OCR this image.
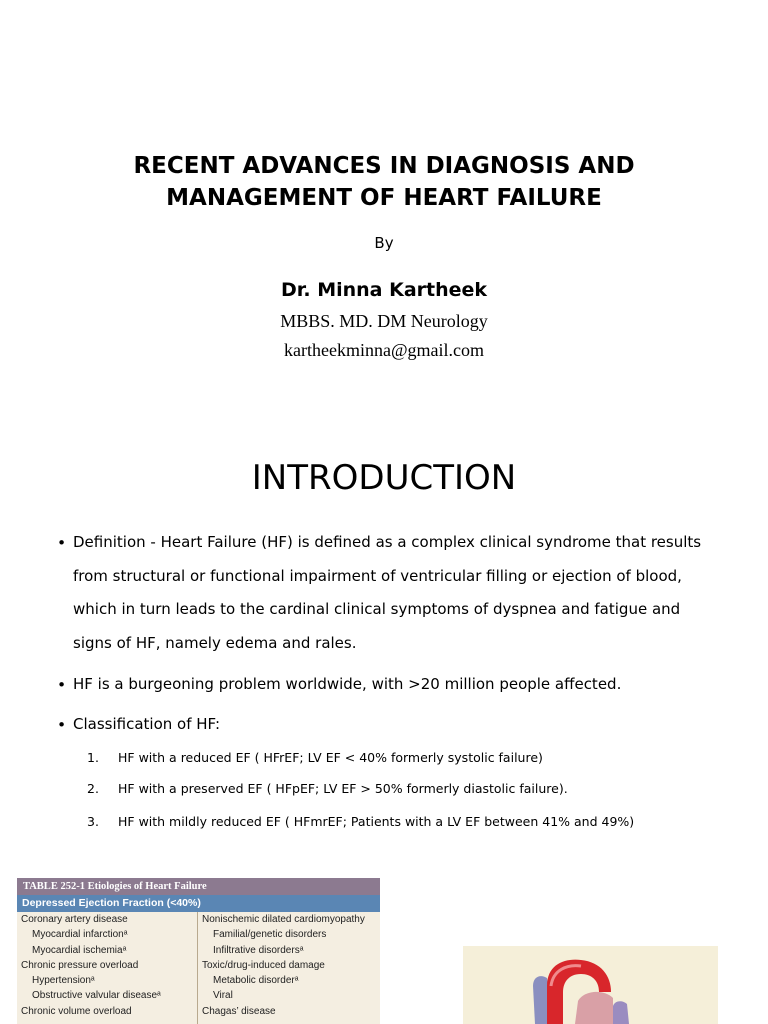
RECENT ADVANCES IN DIAGNOSIS AND
MANAGEMENT OF HEART FAILURE
By
Dr. Minna Kartheek
MBBS. MD. DM Neurology
kartheekminna@gmail.com
INTRODUCTION
• Definition - Heart Failure (HF) is defined as a complex clinical syndrome that results from structural or functional impairment of ventricular filling or ejection of blood, which in turn leads to the cardinal clinical symptoms of dyspnea and fatigue and signs of HF, namely edema and rales.
• HF is a burgeoning problem worldwide, with >20 million people affected.
• Classification of HF:
1. HF with a reduced EF ( HFrEF; LV EF < 40% formerly systolic failure)
2. HF with a preserved EF ( HFpEF; LV EF > 50% formerly diastolic failure).
3. HF with mildly reduced EF ( HFmrEF; Patients with a LV EF between 41% and 49%)
TABLE 252-1 Etiologies of Heart Failure
Depressed Ejection Fraction (<40%)
Coronary artery disease
Myocardial infarctionᵃ
Myocardial ischemiaᵃ
Chronic pressure overload
Hypertensionᵃ
Obstructive valvular diseaseᵃ
Chronic volume overload
Nonischemic dilated cardiomyopathy
Familial/genetic disorders
Infiltrative disordersᵃ
Toxic/drug-induced damage
Metabolic disorderᵃ
Viral
Chagas’ disease
